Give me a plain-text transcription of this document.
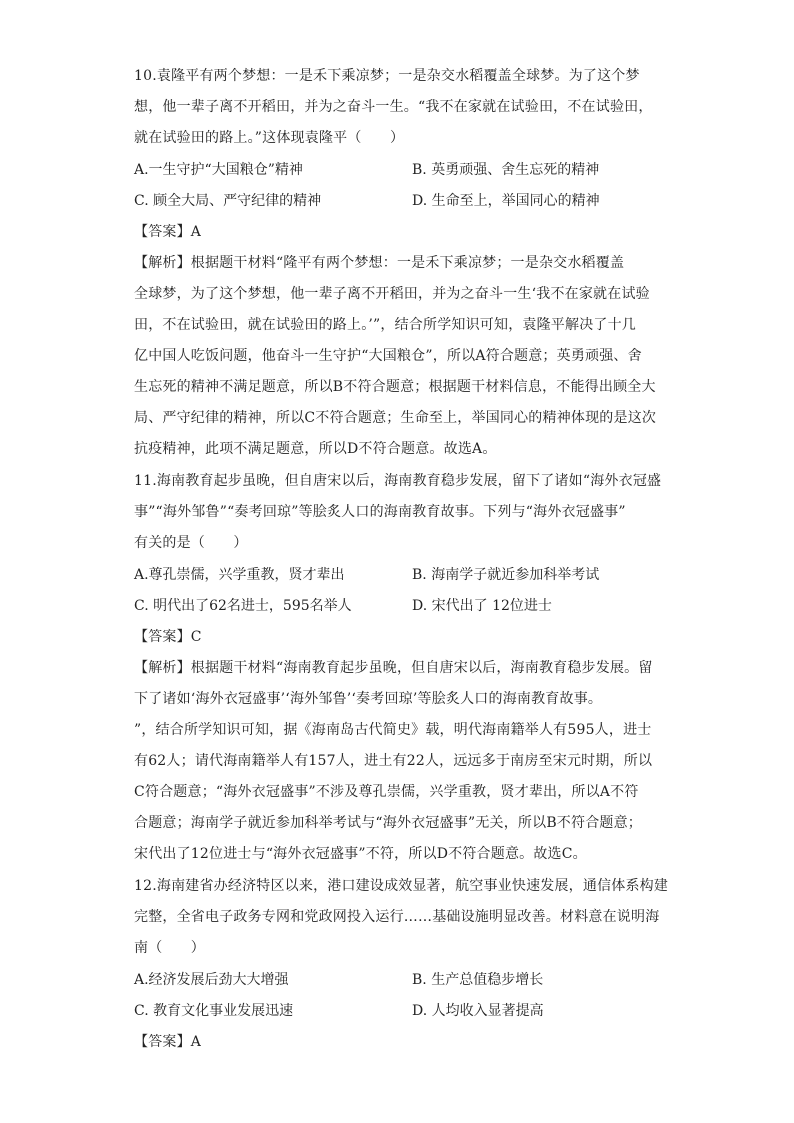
10.袁隆平有两个梦想：一是禾下乘凉梦；一是杂交水稻覆盖全球梦。为了这个梦
想，他一辈子离不开稻田，并为之奋斗一生。“我不在家就在试验田，不在试验田，
就在试验田的路上。”这体现袁隆平（　　）
A.一生守护“大国粮仓”精神	B. 英勇顽强、舍生忘死的精神
C. 顾全大局、严守纪律的精神	D. 生命至上，举国同心的精神
【答案】A
【解析】根据题干材料“隆平有两个梦想：一是禾下乘凉梦；一是杂交水稻覆盖
全球梦，为了这个梦想，他一辈子离不开稻田，并为之奋斗一生‘我不在家就在试验
田，不在试验田，就在试验田的路上。’”，结合所学知识可知，袁隆平解决了十几
亿中国人吃饭问题，他奋斗一生守护“大国粮仓”，所以A符合题意；英勇顽强、舍
生忘死的精神不满足题意，所以B不符合题意；根据题干材料信息，不能得出顾全大
局、严守纪律的精神，所以C不符合题意；生命至上，举国同心的精神体现的是这次
抗疫精神，此项不满足题意，所以D不符合题意。故选A。
11.海南教育起步虽晚，但自唐宋以后，海南教育稳步发展，留下了诸如“海外衣冠盛
事”“海外邹鲁”“奏考回琼”等脍炙人口的海南教育故事。下列与“海外衣冠盛事”
有关的是（　　）
A.尊孔崇儒，兴学重教，贤才辈出	B. 海南学子就近参加科举考试
C. 明代出了62名进士，595名举人	D. 宋代出了 12位进士
【答案】C
【解析】根据题干材料“海南教育起步虽晚，但自唐宋以后，海南教育稳步发展。留
下了诸如‘海外衣冠盛事’‘海外邹鲁’‘奏考回琼’等脍炙人口的海南教育故事。
”，结合所学知识可知，据《海南岛古代简史》载，明代海南籍举人有595人，进士
有62人；请代海南籍举人有157人，进土有22人，远远多于南房至宋元时期，所以
C符合题意；“海外衣冠盛事”不涉及尊孔崇儒，兴学重教，贤才辈出，所以A不符
合题意；海南学子就近参加科举考试与“海外衣冠盛事”无关，所以B不符合题意；
宋代出了12位进士与“海外衣冠盛事”不符，所以D不符合题意。故选C。
12.海南建省办经济特区以来，港口建设成效显著，航空事业快速发展，通信体系构建
完整，全省电子政务专网和党政网投入运行……基础设施明显改善。材料意在说明海
南（　　）
A.经济发展后劲大大增强	B. 生产总值稳步增长
C. 教育文化事业发展迅速	D. 人均收入显著提高
【答案】A
